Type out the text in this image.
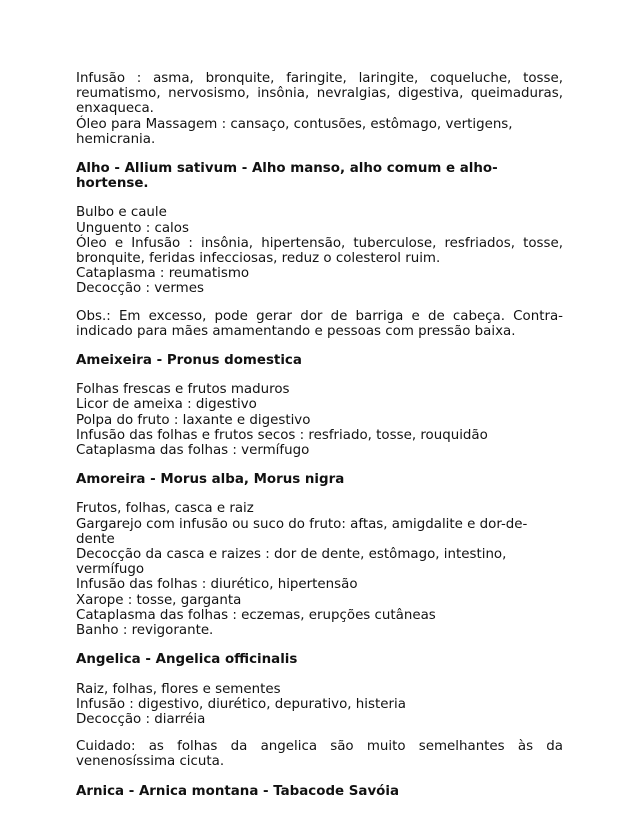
Infusão : asma, bronquite, faringite, laringite, coqueluche, tosse, reumatismo, nervosismo, insônia, nevralgias, digestiva, queimaduras, enxaqueca.

Óleo para Massagem : cansaço, contusões, estômago, vertigens, hemicrania.

Alho - Allium sativum - Alho manso, alho comum e alho-hortense.

Bulbo e caule

Unguento : calos

Óleo e Infusão : insônia, hipertensão, tuberculose, resfriados, tosse, bronquite, feridas infecciosas, reduz o colesterol ruim.

Cataplasma : reumatismo

Decocção : vermes

Obs.: Em excesso, pode gerar dor de barriga e de cabeça. Contra-indicado para mães amamentando e pessoas com pressão baixa.

Ameixeira - Pronus domestica

Folhas frescas e frutos maduros

Licor de ameixa : digestivo

Polpa do fruto : laxante e digestivo

Infusão das folhas e frutos secos : resfriado, tosse, rouquidão

Cataplasma das folhas : vermífugo

Amoreira - Morus alba, Morus nigra

Frutos, folhas, casca e raiz

Gargarejo com infusão ou suco do fruto: aftas, amigdalite e dor-de-dente

Decocção da casca e raizes : dor de dente, estômago, intestino, vermífugo

Infusão das folhas : diurético, hipertensão

Xarope : tosse, garganta

Cataplasma das folhas : eczemas, erupções cutâneas

Banho : revigorante.

Angelica - Angelica officinalis

Raiz, folhas, flores e sementes

Infusão : digestivo, diurético, depurativo, histeria

Decocção : diarréia

Cuidado: as folhas da angelica são muito semelhantes às da venenosíssima cicuta.

Arnica - Arnica montana - Tabacode Savóia
